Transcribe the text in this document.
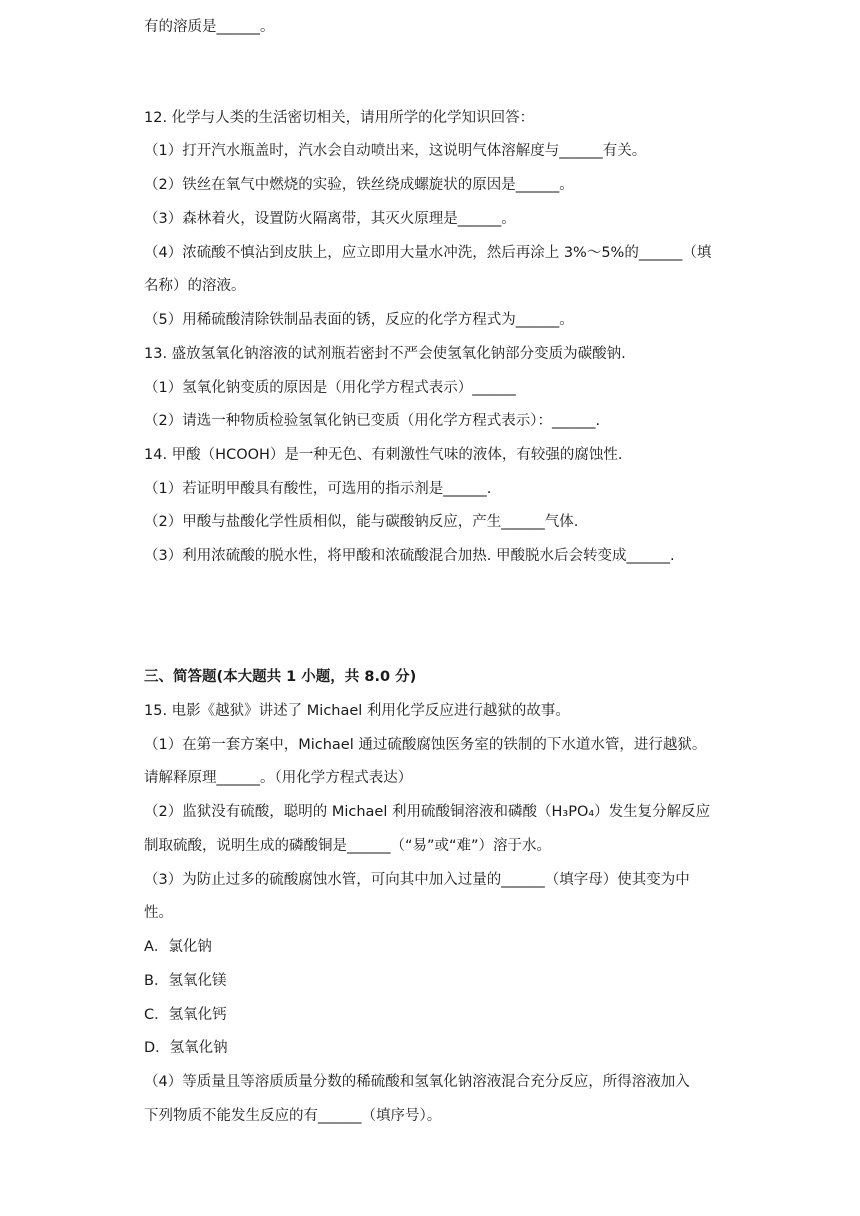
有的溶质是______。
12. 化学与人类的生活密切相关，请用所学的化学知识回答：
（1）打开汽水瓶盖时，汽水会自动喷出来，这说明气体溶解度与______有关。
（2）铁丝在氧气中燃烧的实验，铁丝绕成螺旋状的原因是______。
（3）森林着火，设置防火隔离带，其灭火原理是______。
（4）浓硫酸不慎沾到皮肤上，应立即用大量水冲洗，然后再涂上 3%～5%的______（填
名称）的溶液。
（5）用稀硫酸清除铁制品表面的锈，反应的化学方程式为______。
13. 盛放氢氧化钠溶液的试剂瓶若密封不严会使氢氧化钠部分变质为碳酸钠.
（1）氢氧化钠变质的原因是（用化学方程式表示）______
（2）请选一种物质检验氢氧化钠已变质（用化学方程式表示）：______.
14. 甲酸（HCOOH）是一种无色、有刺激性气味的液体，有较强的腐蚀性.
（1）若证明甲酸具有酸性，可选用的指示剂是______.
（2）甲酸与盐酸化学性质相似，能与碳酸钠反应，产生______气体.
（3）利用浓硫酸的脱水性，将甲酸和浓硫酸混合加热. 甲酸脱水后会转变成______.
三、简答题(本大题共 1 小题，共 8.0 分)
15. 电影《越狱》讲述了 Michael 利用化学反应进行越狱的故事。
（1）在第一套方案中，Michael 通过硫酸腐蚀医务室的铁制的下水道水管，进行越狱。
请解释原理______。（用化学方程式表达）
（2）监狱没有硫酸，聪明的 Michael 利用硫酸铜溶液和磷酸（H₃PO₄）发生复分解反应
制取硫酸，说明生成的磷酸铜是______（“易”或“难”）溶于水。
（3）为防止过多的硫酸腐蚀水管，可向其中加入过量的______（填字母）使其变为中
性。
A．氯化钠
B．氢氧化镁
C．氢氧化钙
D．氢氧化钠
（4）等质量且等溶质质量分数的稀硫酸和氢氧化钠溶液混合充分反应，所得溶液加入
下列物质不能发生反应的有______（填序号）。
